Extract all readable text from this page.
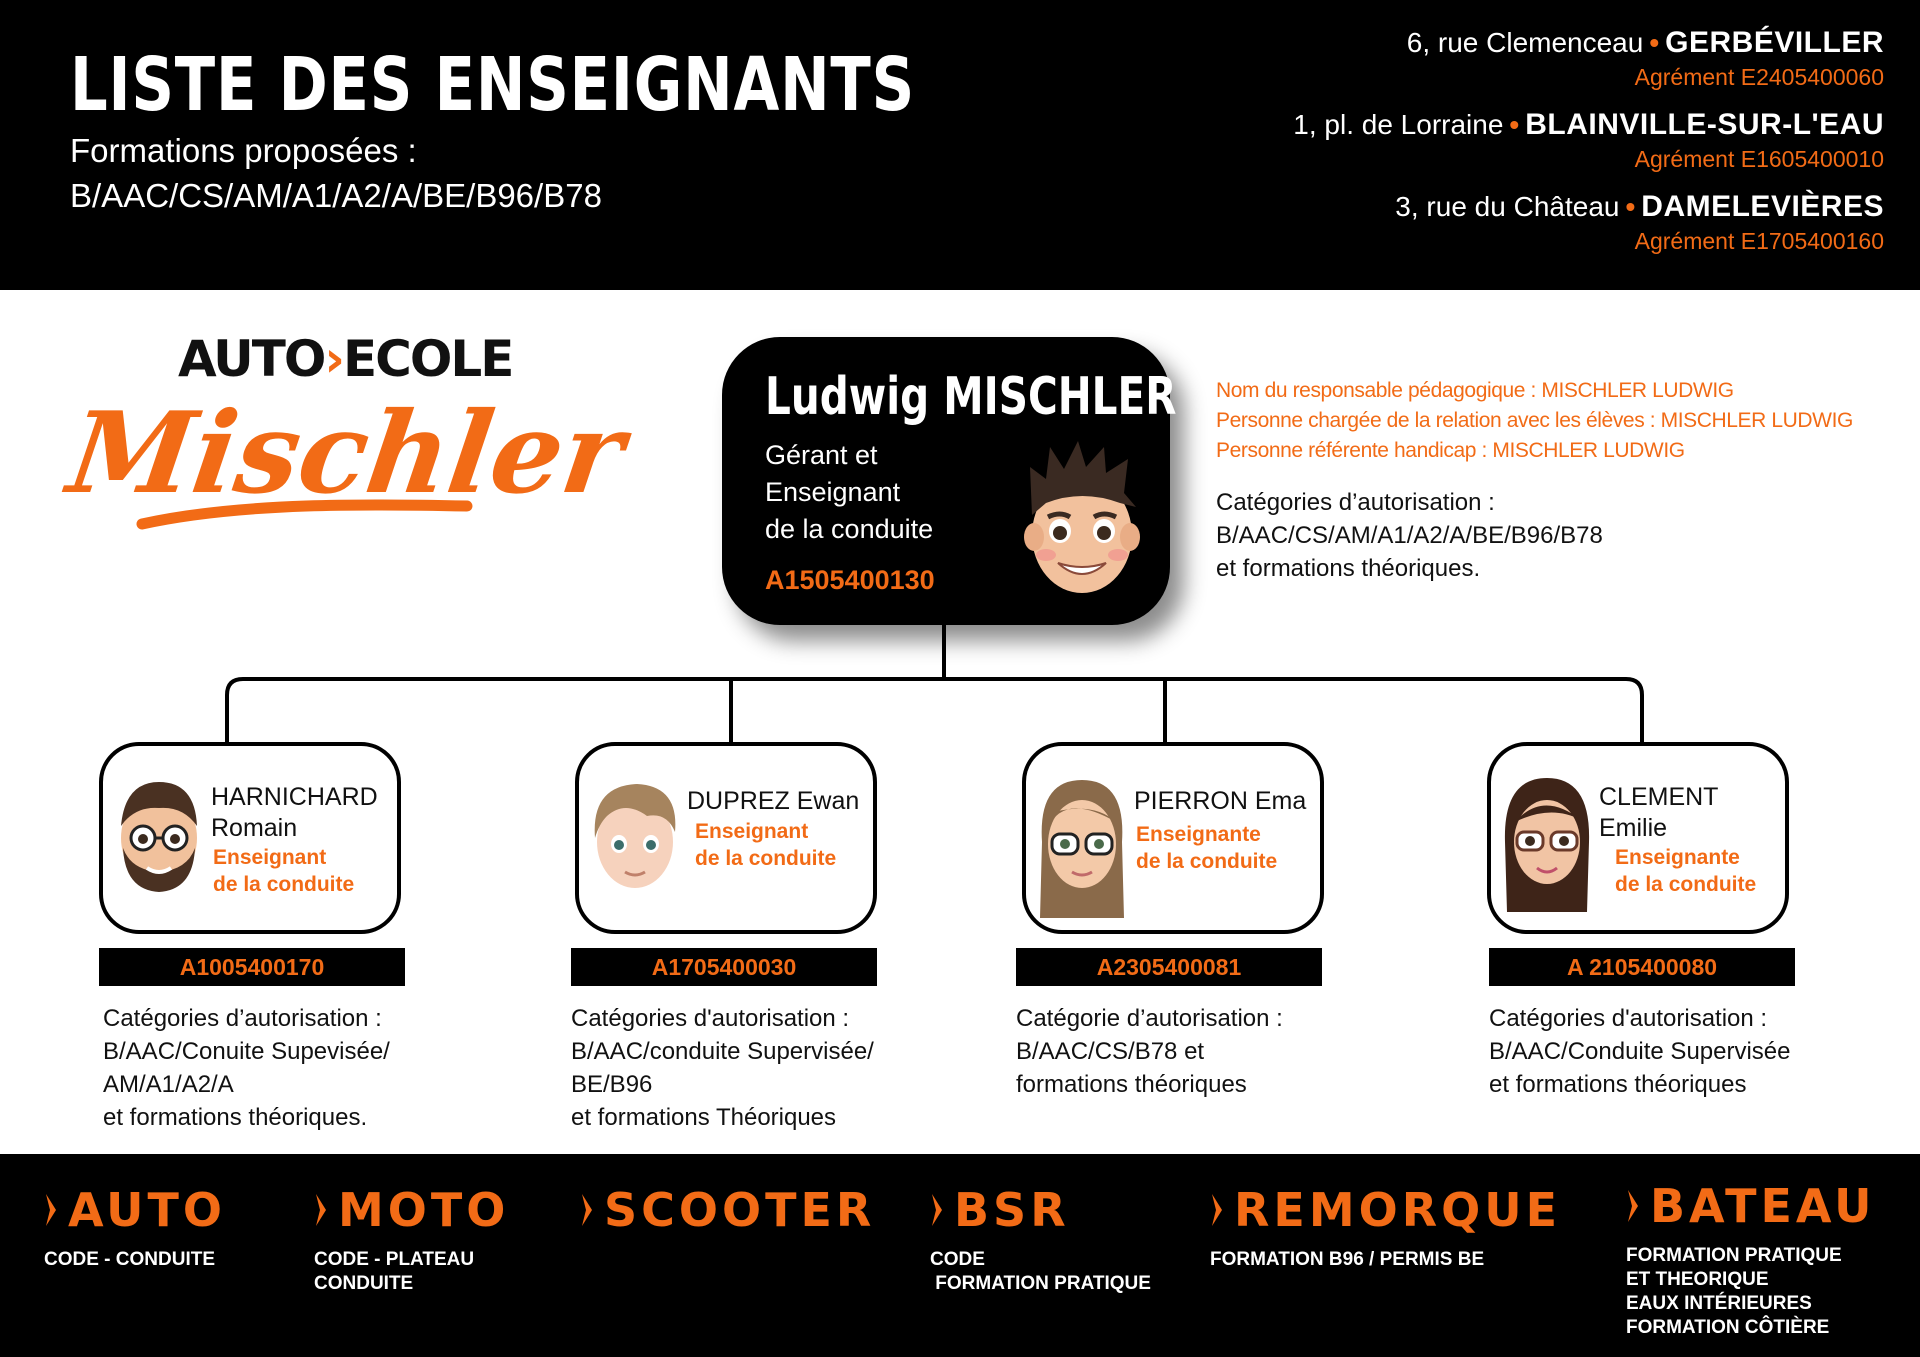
LISTE DES ENSEIGNANTS
Formations proposées :
B/AAC/CS/AM/A1/A2/A/BE/B96/B78
6, rue Clemenceau • GERBÉVILLER
Agrément E2405400060
1, pl. de Lorraine • BLAINVILLE-SUR-L'EAU
Agrément E1605400010
3, rue du Château • DAMELEVIÈRES
Agrément E1705400160
AUTO›ECOLE
Mischler	Ludwig MISCHLER
Gérant et
Enseignant
de la conduite
A1505400130
Nom du responsable pédagogique : MISCHLER LUDWIG
Personne chargée de la relation avec les élèves : MISCHLER LUDWIG
Personne référente handicap : MISCHLER LUDWIG
Catégories d’autorisation :
B/AAC/CS/AM/A1/A2/A/BE/B96/B78
et formations théoriques.
HARNICHARD
Romain
Enseignant
de la conduite
A1005400170
Catégories d’autorisation :
B/AAC/Conuite Supevisée/
AM/A1/A2/A
et formations théoriques.
DUPREZ Ewan
Enseignant
de la conduite
A1705400030
Catégories d'autorisation :
B/AAC/conduite Supervisée/
BE/B96
et formations Théoriques
PIERRON Ema
Enseignante
de la conduite
A2305400081
Catégorie d’autorisation :
B/AAC/CS/B78 et
formations théoriques
CLEMENT
Emilie
Enseignante
de la conduite
A 2105400080
Catégories d'autorisation :
B/AAC/Conduite Supervisée
et formations théoriques
AUTO
CODE - CONDUITE
MOTO
CODE - PLATEAU
CONDUITE
SCOOTER	BSR
CODE
FORMATION PRATIQUE
REMORQUE
FORMATION B96 / PERMIS BE
BATEAU
FORMATION PRATIQUE
ET THEORIQUE
EAUX INTÉRIEURES
FORMATION CÔTIÈRE
